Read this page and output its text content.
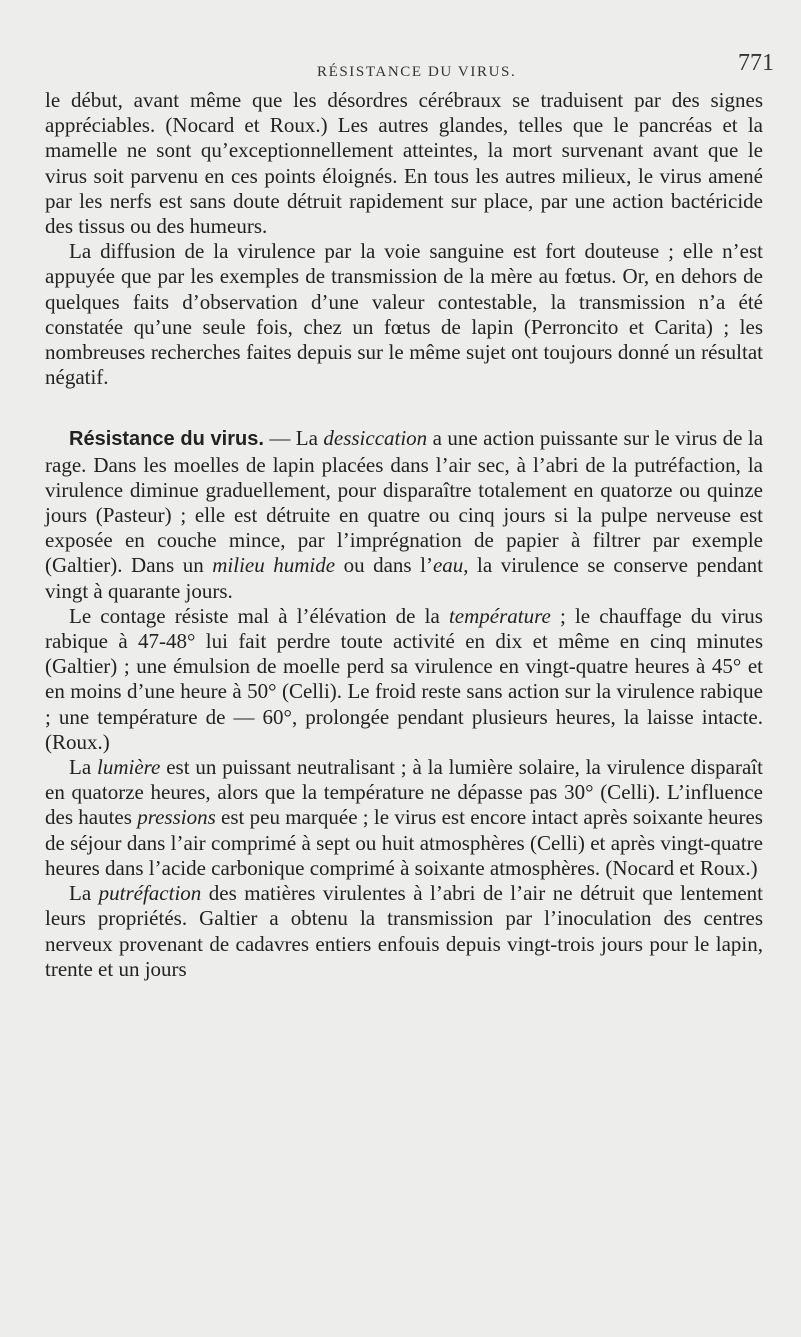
RÉSISTANCE DU VIRUS.	771

le début, avant même que les désordres cérébraux se traduisent par des signes appréciables. (Nocard et Roux.) Les autres glandes, telles que le pancréas et la mamelle ne sont qu’exceptionnellement atteintes, la mort survenant avant que le virus soit parvenu en ces points éloignés. En tous les autres milieux, le virus amené par les nerfs est sans doute détruit rapidement sur place, par une action bactéricide des tissus ou des humeurs.

La diffusion de la virulence par la voie sanguine est fort douteuse ; elle n’est appuyée que par les exemples de transmission de la mère au fœtus. Or, en dehors de quelques faits d’observation d’une valeur contestable, la transmission n’a été constatée qu’une seule fois, chez un fœtus de lapin (Perroncito et Carita) ; les nombreuses recherches faites depuis sur le même sujet ont toujours donné un résultat négatif.

Résistance du virus. — La dessiccation a une action puissante sur le virus de la rage. Dans les moelles de lapin placées dans l’air sec, à l’abri de la putréfaction, la virulence diminue graduellement, pour disparaître totalement en quatorze ou quinze jours (Pasteur) ; elle est détruite en quatre ou cinq jours si la pulpe nerveuse est exposée en couche mince, par l’imprégnation de papier à filtrer par exemple (Galtier). Dans un milieu humide ou dans l’eau, la virulence se conserve pendant vingt à quarante jours.

Le contage résiste mal à l’élévation de la température ; le chauffage du virus rabique à 47-48° lui fait perdre toute activité en dix et même en cinq minutes (Galtier) ; une émulsion de moelle perd sa virulence en vingt-quatre heures à 45° et en moins d’une heure à 50° (Celli). Le froid reste sans action sur la virulence rabique ; une température de — 60°, prolongée pendant plusieurs heures, la laisse intacte. (Roux.)

La lumière est un puissant neutralisant ; à la lumière solaire, la virulence disparaît en quatorze heures, alors que la température ne dépasse pas 30° (Celli). L’influence des hautes pressions est peu marquée ; le virus est encore intact après soixante heures de séjour dans l’air comprimé à sept ou huit atmosphères (Celli) et après vingt-quatre heures dans l’acide carbonique comprimé à soixante atmosphères. (Nocard et Roux.)

La putréfaction des matières virulentes à l’abri de l’air ne détruit que lentement leurs propriétés. Galtier a obtenu la transmission par l’inoculation des centres nerveux provenant de cadavres entiers enfouis depuis vingt-trois jours pour le lapin, trente et un jours
